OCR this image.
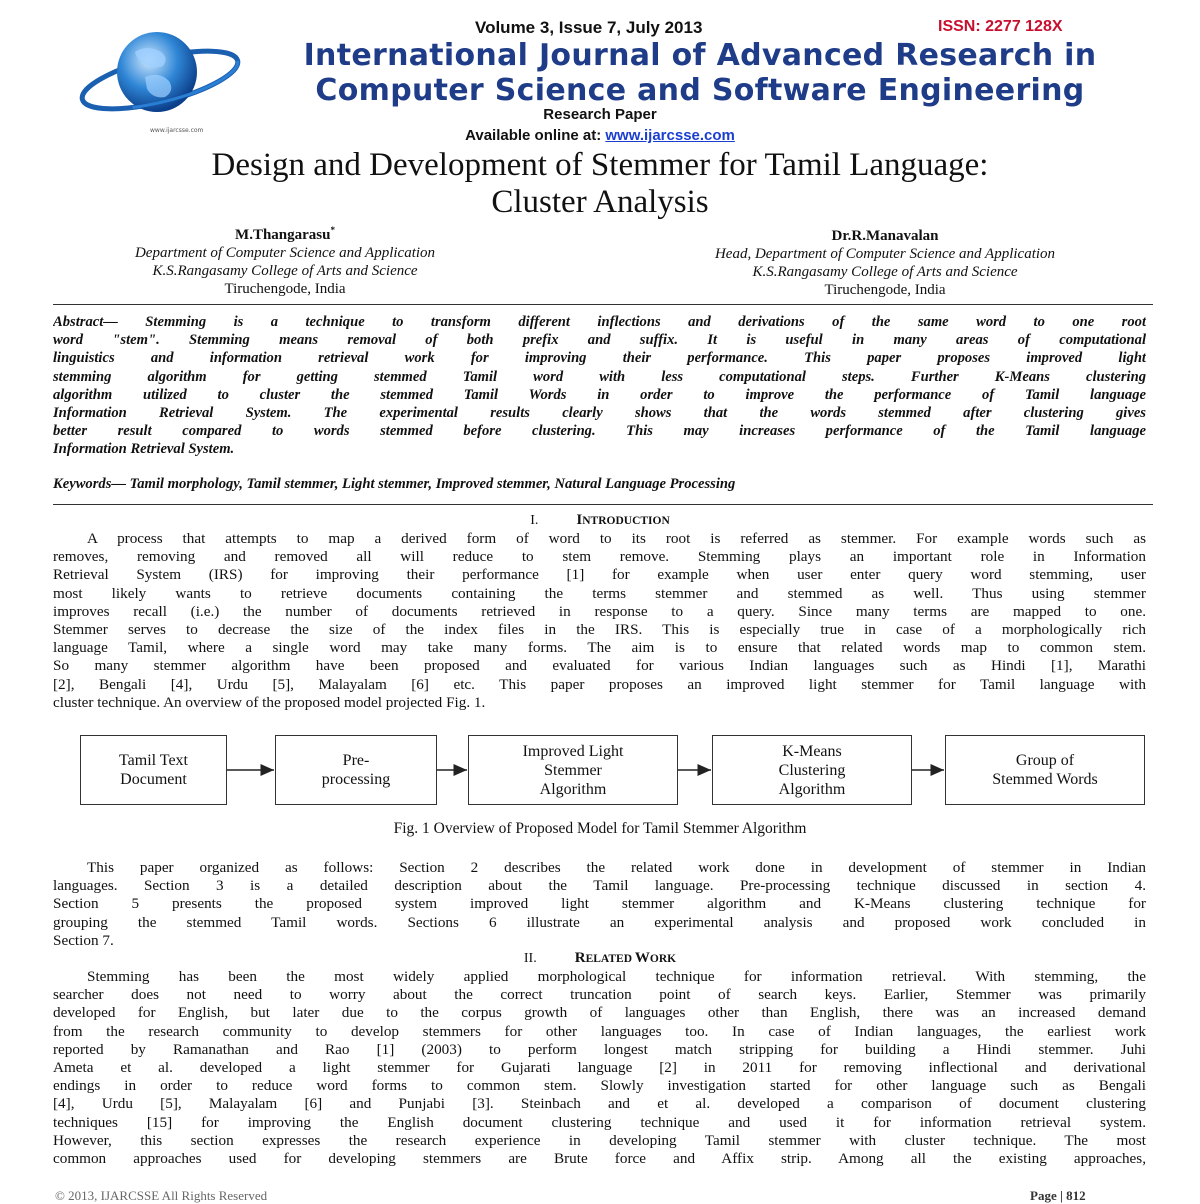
www.ijarcsse.com
Volume 3, Issue 7, July 2013	ISSN: 2277 128X
International Journal of Advanced Research in
Computer Science and Software Engineering
Research Paper
Available online at: www.ijarcsse.com
Design and Development of Stemmer for Tamil Language:
Cluster Analysis
M.Thangarasu*
Department of Computer Science and Application
K.S.Rangasamy College of Arts and Science
Tiruchengode, India
Dr.R.Manavalan
Head, Department of Computer Science and Application
K.S.Rangasamy College of Arts and Science
Tiruchengode, India
Abstract— Stemming is a technique to transform different inflections and derivations of the same word to one root
word "stem". Stemming means removal of both prefix and suffix. It is useful in many areas of computational
linguistics and information retrieval work for improving their performance. This paper proposes improved light
stemming algorithm for getting stemmed Tamil word with less computational steps. Further K-Means clustering
algorithm utilized to cluster the stemmed Tamil Words in order to improve the performance of Tamil language
Information Retrieval System. The experimental results clearly shows that the words stemmed after clustering gives
better result compared to words stemmed before clustering. This may increases performance of the Tamil language
Information Retrieval System.
Keywords— Tamil morphology, Tamil stemmer, Light stemmer, Improved stemmer, Natural Language Processing
I.	INTRODUCTION
A process that attempts to map a derived form of word to its root is referred as stemmer. For example words such as
removes, removing and removed all will reduce to stem remove. Stemming plays an important role in Information
Retrieval System (IRS) for improving their performance [1] for example when user enter query word stemming, user
most likely wants to retrieve documents containing the terms stemmer and stemmed as well. Thus using stemmer
improves recall (i.e.) the number of documents retrieved in response to a query. Since many terms are mapped to one.
Stemmer serves to decrease the size of the index files in the IRS. This is especially true in case of a morphologically rich
language Tamil, where a single word may take many forms. The aim is to ensure that related words map to common stem.
So many stemmer algorithm have been proposed and evaluated for various Indian languages such as Hindi [1], Marathi
[2], Bengali [4], Urdu [5], Malayalam [6] etc. This paper proposes an improved light stemmer for Tamil language with
cluster technique. An overview of the proposed model projected Fig. 1.
Tamil Text
Document
Pre-
processing
Improved Light
Stemmer
Algorithm
K-Means
Clustering
Algorithm
Group of
Stemmed Words
Fig. 1 Overview of Proposed Model for Tamil Stemmer Algorithm
This paper organized as follows: Section 2 describes the related work done in development of stemmer in Indian
languages. Section 3 is a detailed description about the Tamil language. Pre-processing technique discussed in section 4.
Section 5 presents the proposed system improved light stemmer algorithm and K-Means clustering technique for
grouping the stemmed Tamil words. Sections 6 illustrate an experimental analysis and proposed work concluded in
Section 7.
II.	RELATED WORK
Stemming has been the most widely applied morphological technique for information retrieval. With stemming, the
searcher does not need to worry about the correct truncation point of search keys. Earlier, Stemmer was primarily
developed for English, but later due to the corpus growth of languages other than English, there was an increased demand
from the research community to develop stemmers for other languages too. In case of Indian languages, the earliest work
reported by Ramanathan and Rao [1] (2003) to perform longest match stripping for building a Hindi stemmer. Juhi
Ameta et al. developed a light stemmer for Gujarati language [2] in 2011 for removing inflectional and derivational
endings in order to reduce word forms to common stem. Slowly investigation started for other language such as Bengali
[4], Urdu [5], Malayalam [6] and Punjabi [3]. Steinbach and et al. developed a comparison of document clustering
techniques [15] for improving the English document clustering technique and used it for information retrieval system.
However, this section expresses the research experience in developing Tamil stemmer with cluster technique. The most
common approaches used for developing stemmers are Brute force and Affix strip. Among all the existing approaches,
© 2013, IJARCSSE All Rights Reserved	Page | 812
